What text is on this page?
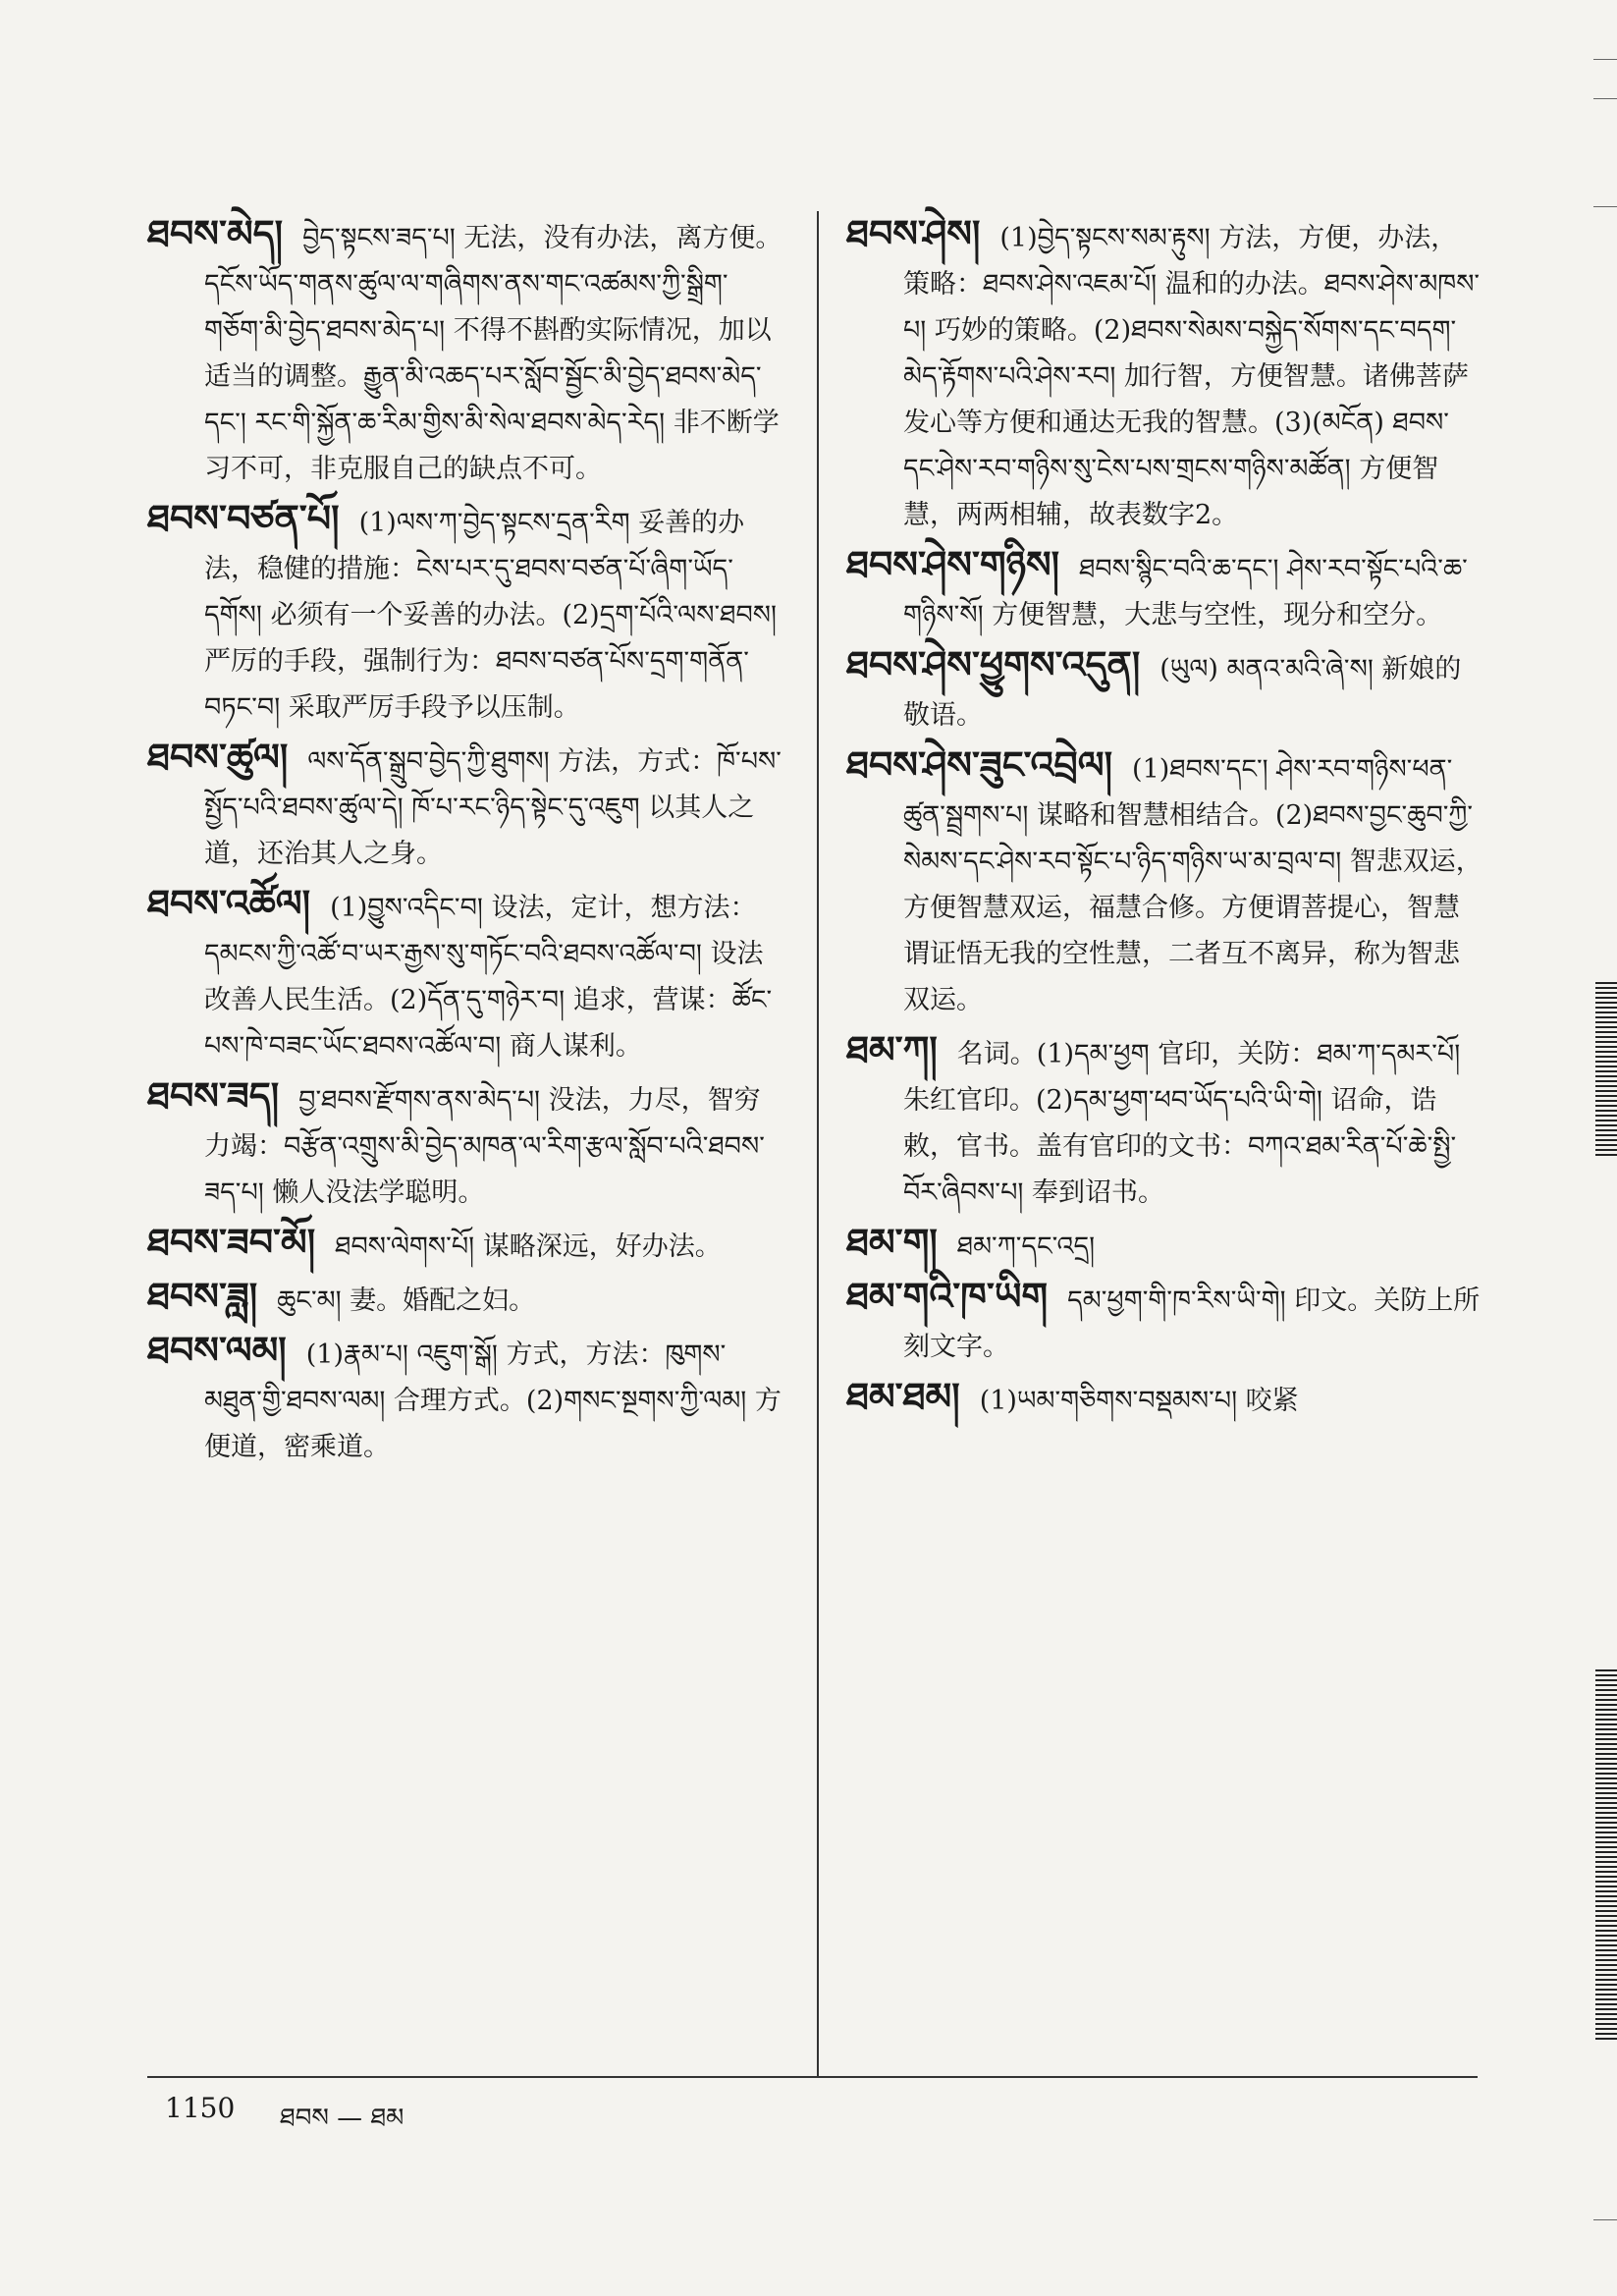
ཐབས་མེད། བྱེད་སྟངས་ཟད་པ། 无法，没有办法，离方便。དངོས་ཡོད་གནས་ཚུལ་ལ་གཞིགས་ནས་གང་འཚམས་ཀྱི་སྒྲིག་གཅོག་མི་བྱེད་ཐབས་མེད་པ། 不得不斟酌实际情况，加以适当的调整。རྒྱུན་མི་འཆད་པར་སློབ་སྦྱོང་མི་བྱེད་ཐབས་མེད་དང་། རང་གི་སྐྱོན་ཆ་རིམ་གྱིས་མི་སེལ་ཐབས་མེད་རེད། 非不断学习不可，非克服自己的缺点不可。

ཐབས་བཙན་པོ། (1)ལས་ཀ་བྱེད་སྟངས་དྲན་རིག 妥善的办法，稳健的措施：ངེས་པར་དུ་ཐབས་བཙན་པོ་ཞིག་ཡོད་དགོས། 必须有一个妥善的办法。(2)དྲག་པོའི་ལས་ཐབས། 严厉的手段，强制行为：ཐབས་བཙན་པོས་དྲག་གནོན་བཏང་བ། 采取严厉手段予以压制。

ཐབས་ཚུལ། ལས་དོན་སྒྲུབ་བྱེད་ཀྱི་ཐུགས། 方法，方式：ཁོ་པས་སྤྱོད་པའི་ཐབས་ཚུལ་དེ། ཁོ་པ་རང་ཉིད་སྟེང་དུ་འཇུག 以其人之道，还治其人之身。

ཐབས་འཚོལ། (1)བྱུས་འདིང་བ། 设法，定计，想方法：དམངས་ཀྱི་འཚོ་བ་ཡར་རྒྱས་སུ་གཏོང་བའི་ཐབས་འཚོལ་བ། 设法改善人民生活。(2)དོན་དུ་གཉེར་བ། 追求，营谋：ཚོང་པས་ཁེ་བཟང་ཡོང་ཐབས་འཚོལ་བ། 商人谋利。

ཐབས་ཟད། བྱ་ཐབས་རྫོགས་ནས་མེད་པ། 没法，力尽，智穷力竭：བརྩོན་འགྲུས་མི་བྱེད་མཁན་ལ་རིག་རྩལ་སློབ་པའི་ཐབས་ཟད་པ། 懒人没法学聪明。

ཐབས་ཟབ་མོ། ཐབས་ལེགས་པོ། 谋略深远，好办法。

ཐབས་ཟླ། ཆུང་མ། 妻。婚配之妇。

ཐབས་ལམ། (1)རྣམ་པ། འཇུག་སྒོ། 方式，方法：ཁུགས་མཐུན་གྱི་ཐབས་ལམ། 合理方式。(2)གསང་སྔགས་ཀྱི་ལམ། 方便道，密乘道。

ཐབས་ཤེས། (1)བྱེད་སྟངས་སམ་རྟུས། 方法，方便，办法，策略：ཐབས་ཤེས་འཇམ་པོ། 温和的办法。ཐབས་ཤེས་མཁས་པ། 巧妙的策略。(2)ཐབས་སེམས་བསྐྱེད་སོགས་དང་བདག་མེད་རྟོགས་པའི་ཤེས་རབ། 加行智，方便智慧。诸佛菩萨发心等方便和通达无我的智慧。(3)(མངོན) ཐབས་དང་ཤེས་རབ་གཉིས་སུ་ངེས་པས་གྲངས་གཉིས་མཚོན། 方便智慧，两两相辅，故表数字2。

ཐབས་ཤེས་གཉིས། ཐབས་སྙིང་བའི་ཆ་དང་། ཤེས་རབ་སྟོང་པའི་ཆ་གཉིས་སོ། 方便智慧，大悲与空性，现分和空分。

ཐབས་ཤེས་ཕྱུགས་འདུན། (ཡུལ) མནའ་མའི་ཞེ་ས། 新娘的敬语。

ཐབས་ཤེས་ཟུང་འབྲེལ། (1)ཐབས་དང་། ཤེས་རབ་གཉིས་ཕན་ཚུན་སྦྲགས་པ། 谋略和智慧相结合。(2)ཐབས་བྱང་ཆུབ་ཀྱི་སེམས་དང་ཤེས་རབ་སྟོང་པ་ཉིད་གཉིས་ཡ་མ་བྲལ་བ། 智悲双运，方便智慧双运，福慧合修。方便谓菩提心，智慧谓证悟无我的空性慧，二者互不离异，称为智悲双运。

ཐམ་ཀ། 名词。(1)དམ་ཕྱག 官印，关防：ཐམ་ཀ་དམར་པོ། 朱红官印。(2)དམ་ཕྱག་ཕབ་ཡོད་པའི་ཡི་གེ། 诏命，诰敕，官书。盖有官印的文书：བཀའ་ཐམ་རིན་པོ་ཆེ་སྤྱི་བོར་ཞིབས་པ། 奉到诏书。

ཐམ་ག། ཐམ་ཀ་དང་འདྲ།

ཐམ་གའི་ཁ་ཡིག དམ་ཕྱག་གི་ཁ་རིས་ཡི་གེ། 印文。关防上所刻文字。

ཐམ་ཐམ། (1)ཡམ་གཅིགས་བསྡམས་པ། 咬紧

1150 ཐབས — ཐམ
